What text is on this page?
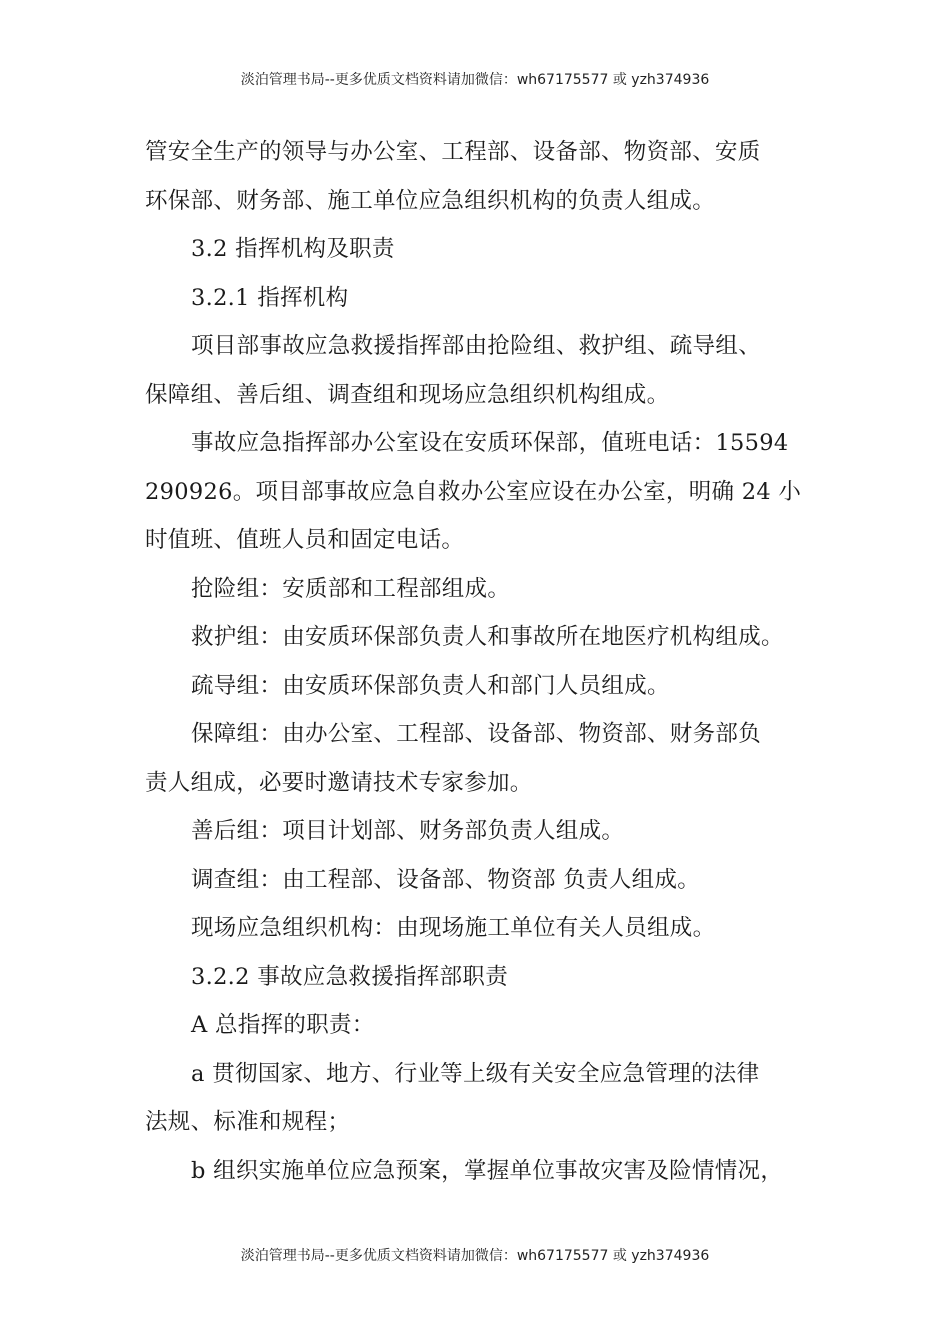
淡泊管理书局--更多优质文档资料请加微信：wh67175577 或 yzh374936
管安全生产的领导与办公室、工程部、设备部、物资部、安质
环保部、财务部、施工单位应急组织机构的负责人组成。
3.2 指挥机构及职责
3.2.1 指挥机构
项目部事故应急救援指挥部由抢险组、救护组、疏导组、
保障组、善后组、调查组和现场应急组织机构组成。
事故应急指挥部办公室设在安质环保部，值班电话：15594
290926。项目部事故应急自救办公室应设在办公室，明确 24 小
时值班、值班人员和固定电话。
抢险组：安质部和工程部组成。
救护组：由安质环保部负责人和事故所在地医疗机构组成。
疏导组：由安质环保部负责人和部门人员组成。
保障组：由办公室、工程部、设备部、物资部、财务部负
责人组成，必要时邀请技术专家参加。
善后组：项目计划部、财务部负责人组成。
调查组：由工程部、设备部、物资部 负责人组成。
现场应急组织机构：由现场施工单位有关人员组成。
3.2.2 事故应急救援指挥部职责
A 总指挥的职责：
a 贯彻国家、地方、行业等上级有关安全应急管理的法律
法规、标准和规程；
b 组织实施单位应急预案，掌握单位事故灾害及险情情况，
淡泊管理书局--更多优质文档资料请加微信：wh67175577 或 yzh374936
